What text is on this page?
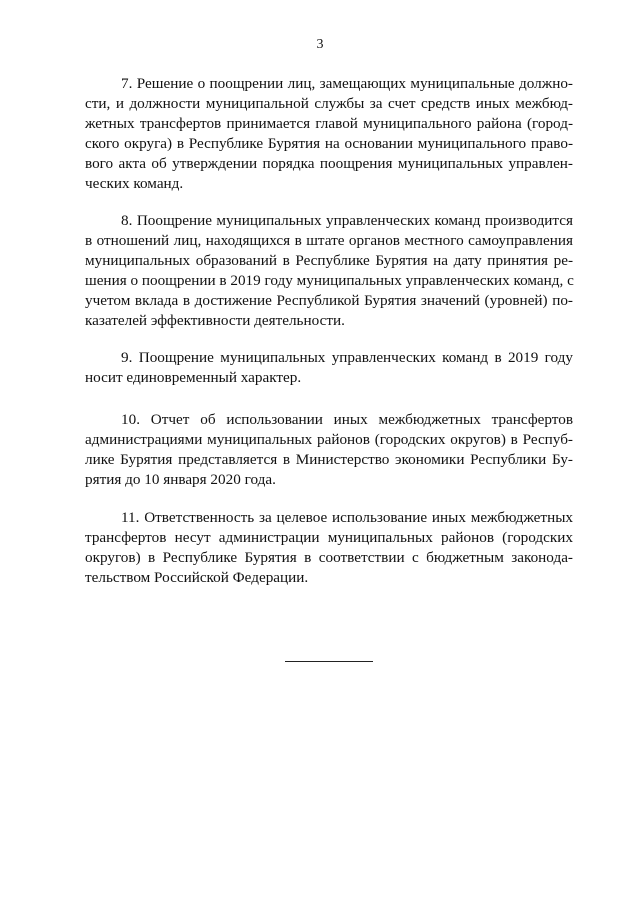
3
7. Решение о поощрении лиц, замещающих муниципальные должно-
сти, и должности муниципальной службы за счет средств иных межбюд-
жетных трансфертов принимается главой муниципального района (город-
ского округа) в Республике Бурятия на основании муниципального право-
вого акта об утверждении порядка поощрения муниципальных управлен-
ческих команд.
8. Поощрение муниципальных управленческих команд производится
в отношений лиц, находящихся в штате органов местного самоуправления
муниципальных образований в Республике Бурятия на дату принятия ре-
шения о поощрении в 2019 году муниципальных управленческих команд, с
учетом вклада в достижение Республикой Бурятия значений (уровней) по-
казателей эффективности деятельности.
9. Поощрение муниципальных управленческих команд в 2019 году
носит единовременный характер.
10. Отчет об использовании иных межбюджетных трансфертов
администрациями муниципальных районов (городских округов) в Респуб-
лике Бурятия представляется в Министерство экономики Республики Бу-
рятия до 10 января 2020 года.
11. Ответственность за целевое использование иных межбюджетных
трансфертов несут администрации муниципальных районов (городских
округов) в Республике Бурятия в соответствии с бюджетным законода-
тельством Российской Федерации.
